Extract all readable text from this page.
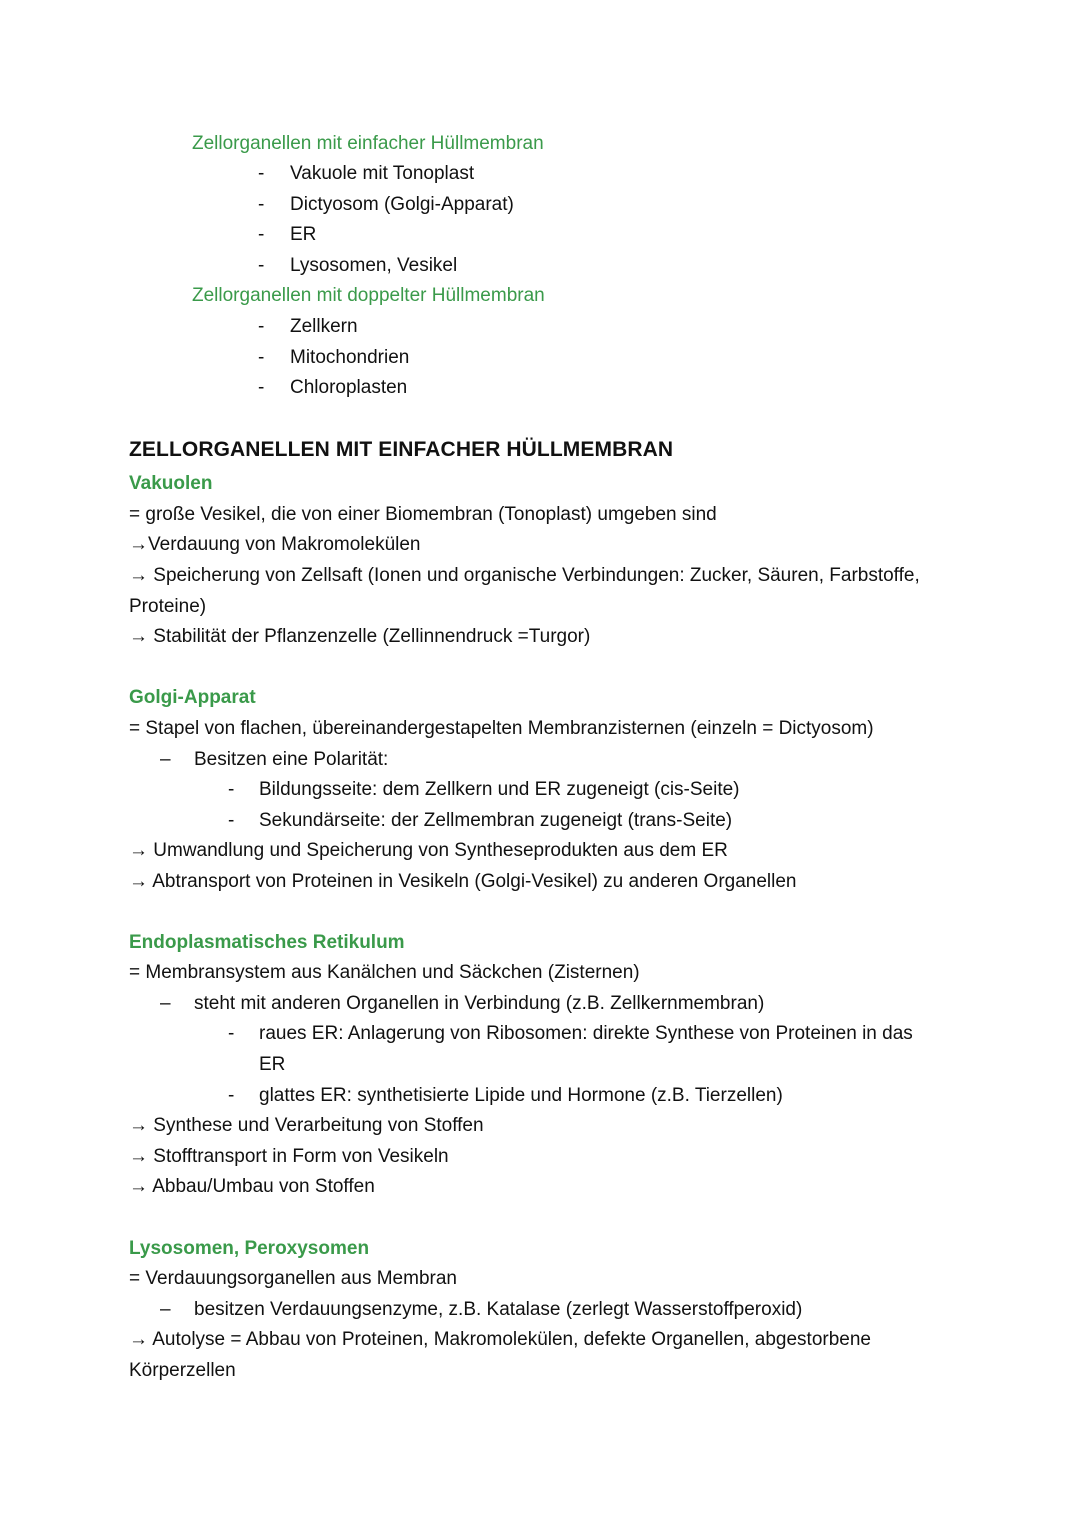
Zellorganellen mit einfacher Hüllmembran
- Vakuole mit Tonoplast
- Dictyosom (Golgi-Apparat)
- ER
- Lysosomen, Vesikel
Zellorganellen mit doppelter Hüllmembran
- Zellkern
- Mitochondrien
- Chloroplasten
ZELLORGANELLEN MIT EINFACHER HÜLLMEMBRAN
Vakuolen
= große Vesikel, die von einer Biomembran (Tonoplast) umgeben sind
→Verdauung von Makromolekülen
→ Speicherung von Zellsaft (Ionen und organische Verbindungen: Zucker, Säuren, Farbstoffe,
Proteine)
→ Stabilität der Pflanzenzelle (Zellinnendruck =Turgor)
Golgi-Apparat
= Stapel von flachen, übereinandergestapelten Membranzisternen (einzeln = Dictyosom)
– Besitzen eine Polarität:
- Bildungsseite: dem Zellkern und ER zugeneigt (cis-Seite)
- Sekundärseite: der Zellmembran zugeneigt (trans-Seite)
→ Umwandlung und Speicherung von Syntheseprodukten aus dem ER
→ Abtransport von Proteinen in Vesikeln (Golgi-Vesikel) zu anderen Organellen
Endoplasmatisches Retikulum
= Membransystem aus Kanälchen und Säckchen (Zisternen)
– steht mit anderen Organellen in Verbindung (z.B. Zellkernmembran)
- raues ER: Anlagerung von Ribosomen: direkte Synthese von Proteinen in das
ER
- glattes ER: synthetisierte Lipide und Hormone (z.B. Tierzellen)
→ Synthese und Verarbeitung von Stoffen
→ Stofftransport in Form von Vesikeln
→ Abbau/Umbau von Stoffen
Lysosomen, Peroxysomen
= Verdauungsorganellen aus Membran
– besitzen Verdauungsenzyme, z.B. Katalase (zerlegt Wasserstoffperoxid)
→ Autolyse = Abbau von Proteinen, Makromolekülen, defekte Organellen, abgestorbene
Körperzellen
